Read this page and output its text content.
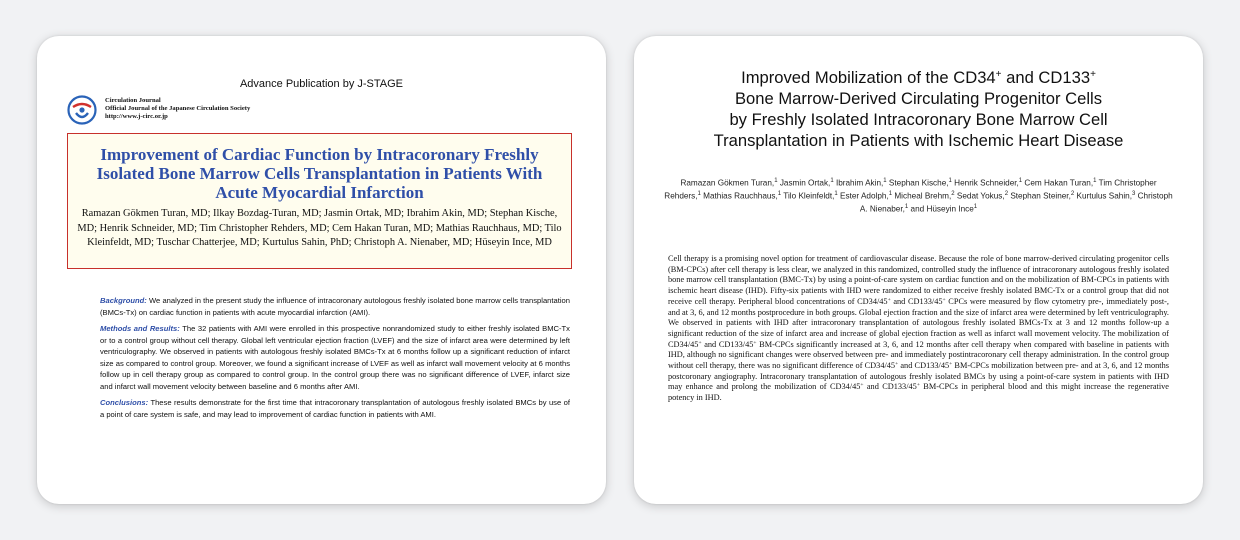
Advance Publication by J-STAGE
Circulation Journal
Official Journal of the Japanese Circulation Society
http://www.j-circ.or.jp
Improvement of Cardiac Function by Intracoronary Freshly Isolated Bone Marrow Cells Transplantation in Patients With Acute Myocardial Infarction
Ramazan Gökmen Turan, MD; Ilkay Bozdag-Turan, MD; Jasmin Ortak, MD; Ibrahim Akin, MD; Stephan Kische, MD; Henrik Schneider, MD; Tim Christopher Rehders, MD; Cem Hakan Turan, MD; Mathias Rauchhaus, MD; Tilo Kleinfeldt, MD; Tuschar Chatterjee, MD; Kurtulus Sahin, PhD; Christoph A. Nienaber, MD; Hüseyin Ince, MD

Background: We analyzed in the present study the influence of intracoronary autologous freshly isolated bone marrow cells transplantation (BMCs-Tx) on cardiac function in patients with acute myocardial infarction (AMI).

Methods and Results: The 32 patients with AMI were enrolled in this prospective nonrandomized study to either freshly isolated BMC-Tx or to a control group without cell therapy. Global left ventricular ejection fraction (LVEF) and the size of infarct area were determined by left ventriculography. We observed in patients with autologous freshly isolated BMCs-Tx at 6 months follow up a significant reduction of infarct size as compared to control group. Moreover, we found a significant increase of LVEF as well as infarct wall movement velocity at 6 months follow up in cell therapy group as compared to control group. In the control group there was no significant difference of LVEF, infarct size and infarct wall movement velocity between baseline and 6 months after AMI.

Conclusions: These results demonstrate for the first time that intracoronary transplantation of autologous freshly isolated BMCs by use of a point of care system is safe, and may lead to improvement of cardiac function in patients with AMI.

Improved Mobilization of the CD34+ and CD133+
Bone Marrow-Derived Circulating Progenitor Cells
by Freshly Isolated Intracoronary Bone Marrow Cell
Transplantation in Patients with Ischemic Heart Disease
Ramazan Gökmen Turan,$^1$ Jasmin Ortak,$^1$ Ibrahim Akin,$^1$ Stephan Kische,$^1$ Henrik Schneider,$^1$ Cem Hakan Turan,$^1$ Tim Christopher Rehders,$^1$ Mathias Rauchhaus,$^1$ Tilo Kleinfeldt,$^1$ Ester Adolph,$^1$ Micheal Brehm,$^2$ Sedat Yokus,$^2$ Stephan Steiner,$^2$ Kurtulus Sahin,$^3$ Christoph A. Nienaber,$^1$ and Hüseyin Ince$^1$
Cell therapy is a promising novel option for treatment of cardiovascular disease. Because the role of bone marrow-derived circulating progenitor cells (BM-CPCs) after cell therapy is less clear, we analyzed in this randomized, controlled study the influence of intracoronary autologous freshly isolated bone marrow cell transplantation (BMC-Tx) by using a point-of-care system on cardiac function and on the mobilization of BM-CPCs in patients with ischemic heart disease (IHD). Fifty-six patients with IHD were randomized to either receive freshly isolated BMC-Tx or a control group that did not receive cell therapy. Peripheral blood concentrations of CD34/45+ and CD133/45+ CPCs were measured by flow cytometry pre-, immediately post-, and at 3, 6, and 12 months postprocedure in both groups. Global ejection fraction and the size of infarct area were determined by left ventriculography. We observed in patients with IHD after intracoronary transplantation of autologous freshly isolated BMCs-Tx at 3 and 12 months follow-up a significant reduction of the size of infarct area and increase of global ejection fraction as well as infarct wall movement velocity. The mobilization of CD34/45+ and CD133/45+ BM-CPCs significantly increased at 3, 6, and 12 months after cell therapy when compared with baseline in patients with IHD, although no significant changes were observed between pre- and immediately postintracoronary cell therapy administration. In the control group without cell therapy, there was no significant difference of CD34/45+ and CD133/45+ BM-CPCs mobilization between pre- and at 3, 6, and 12 months postcoronary angiography. Intracoronary transplantation of autologous freshly isolated BMCs by using a point-of-care system in patients with IHD may enhance and prolong the mobilization of CD34/45+ and CD133/45+ BM-CPCs in peripheral blood and this might increase the regenerative potency in IHD.
